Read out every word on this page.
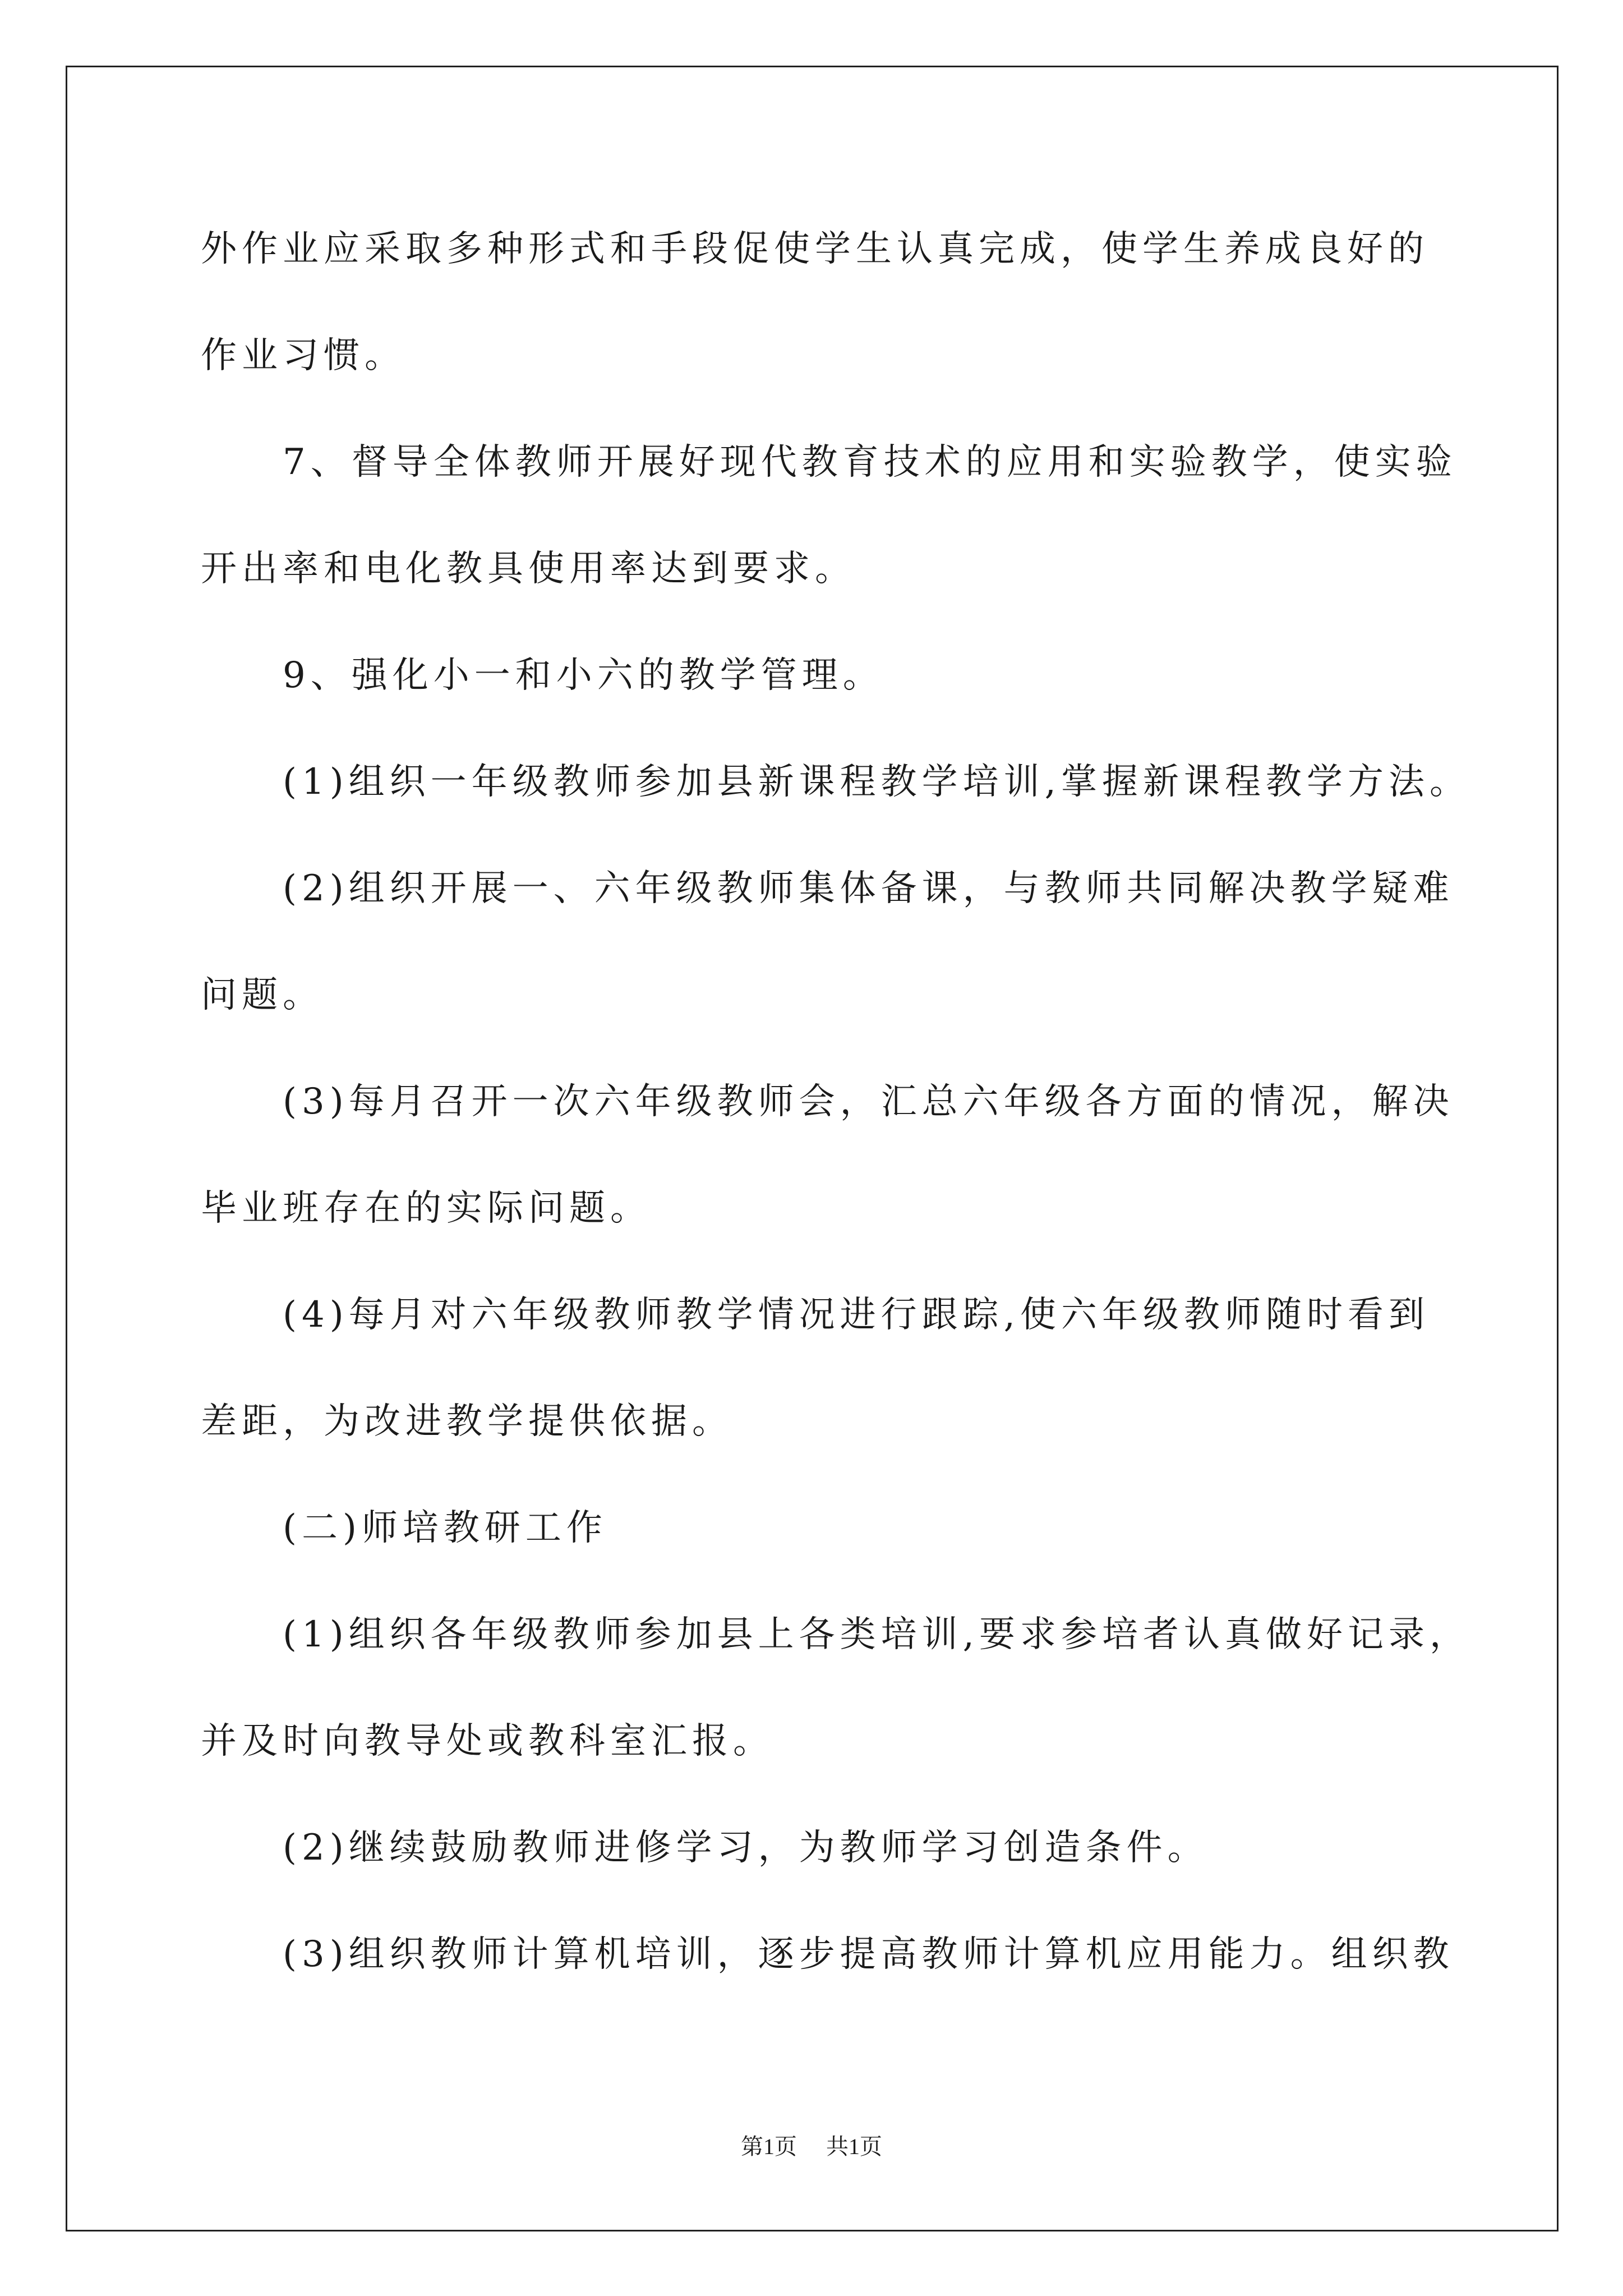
外作业应采取多种形式和手段促使学生认真完成，使学生养成良好的
作业习惯。
7、督导全体教师开展好现代教育技术的应用和实验教学，使实验
开出率和电化教具使用率达到要求。
9、强化小一和小六的教学管理。
(1)组织一年级教师参加县新课程教学培训,掌握新课程教学方法。
(2)组织开展一、六年级教师集体备课，与教师共同解决教学疑难
问题。
(3)每月召开一次六年级教师会，汇总六年级各方面的情况，解决
毕业班存在的实际问题。
(4)每月对六年级教师教学情况进行跟踪,使六年级教师随时看到
差距，为改进教学提供依据。
(二)师培教研工作
(1)组织各年级教师参加县上各类培训,要求参培者认真做好记录，
并及时向教导处或教科室汇报。
(2)继续鼓励教师进修学习，为教师学习创造条件。
(3)组织教师计算机培训，逐步提高教师计算机应用能力。组织教
第1页 共1页
